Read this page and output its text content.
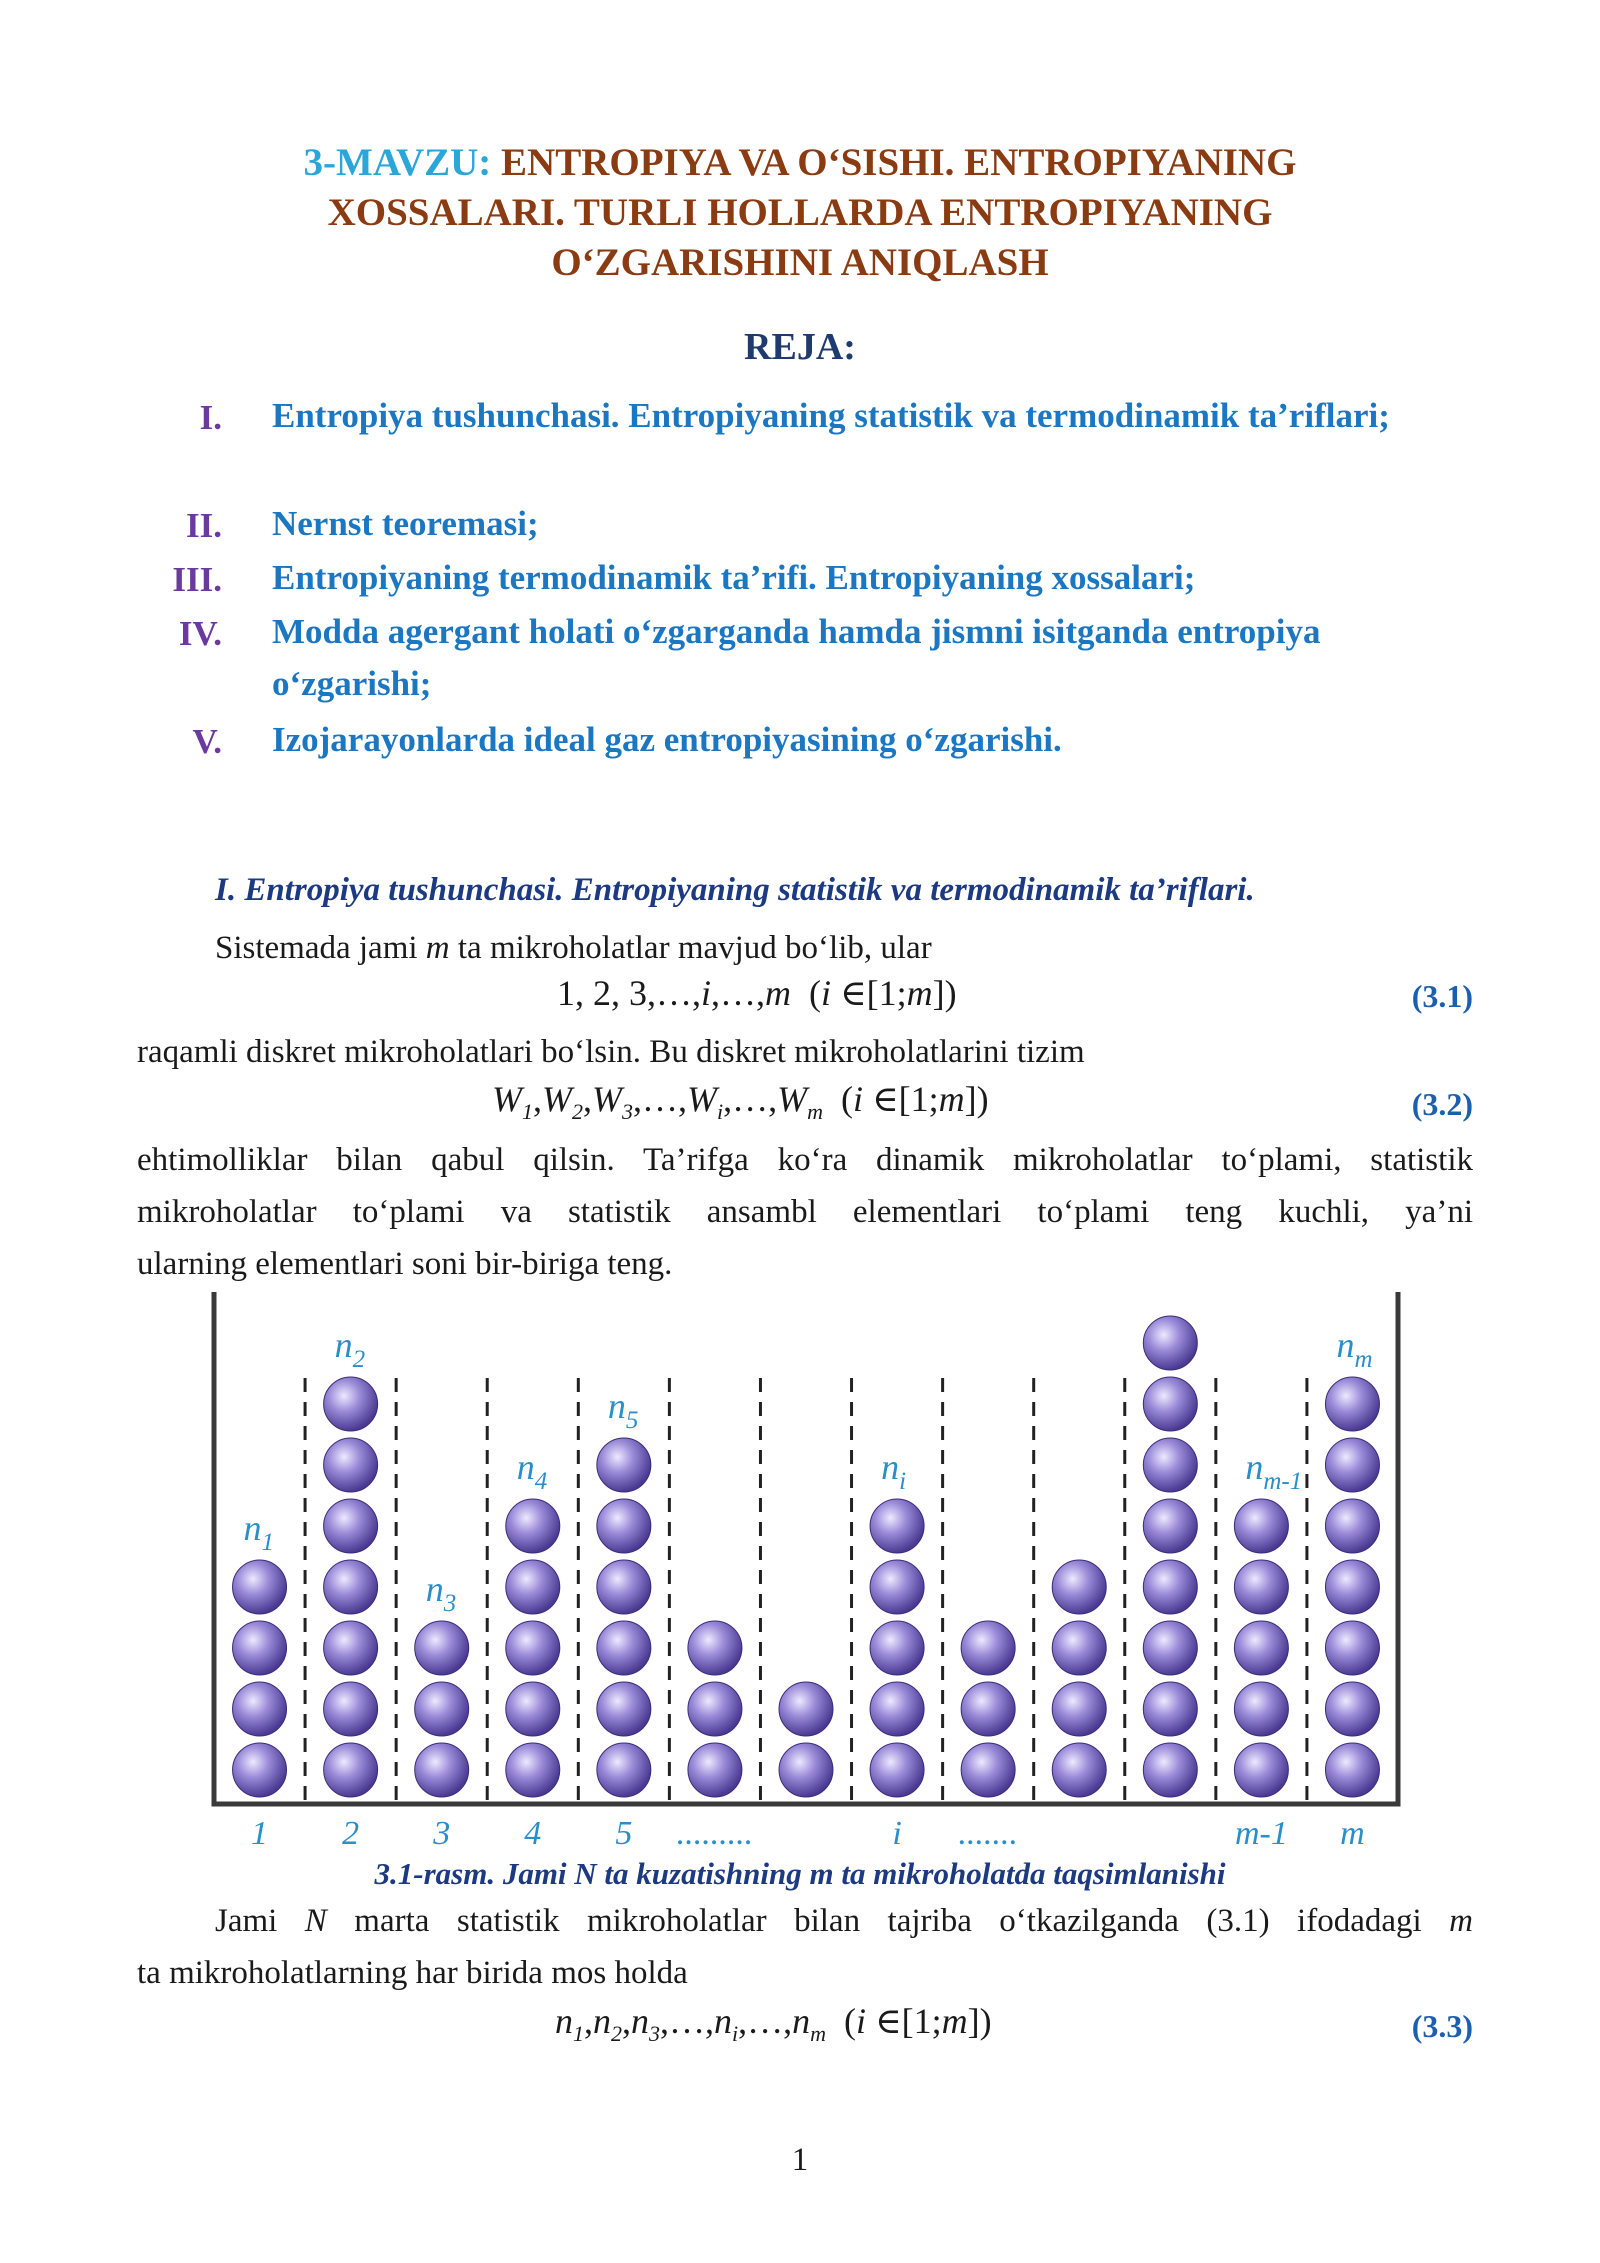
3-MAVZU: ENTROPIYA VA O‘SISHI. ENTROPIYANING
XOSSALARI. TURLI HOLLARDA ENTROPIYANING
O‘ZGARISHINI ANIQLASH
REJA:
I. Entropiya tushunchasi. Entropiyaning statistik va termodinamik ta’riflari;
II. Nernst teoremasi;
III. Entropiyaning termodinamik ta’rifi. Entropiyaning xossalari;
IV. Modda agergant holati o‘zgarganda hamda jismni isitganda entropiya o‘zgarishi;
V. Izojarayonlarda ideal gaz entropiyasining o‘zgarishi.
I. Entropiya tushunchasi. Entropiyaning statistik va termodinamik ta’riflari.
Sistemada jami m ta mikroholatlar mavjud bo‘lib, ular
1, 2, 3,…,i,…,m  (i ∈[1;m])	(3.1)
raqamli diskret mikroholatlari bo‘lsin. Bu diskret mikroholatlarini tizim
$W_1,W_2,W_3,\dots,W_i,\dots,W_m$ (i ∈[1;m])	(3.2)
ehtimolliklar bilan qabul qilsin. Ta’rifga ko‘ra dinamik mikroholatlar to‘plami, statistik
mikroholatlar to‘plami va statistik ansambl elementlari to‘plami teng kuchli, ya’ni
ularning elementlari soni bir-biriga teng.
$n_1$
$n_2$
$n_3$
$n_4$
$n_5$
$n_i$	$n_{m-1}$
$n_m$
1 2 3 4 5 .........	i .......	m-1 m
3.1-rasm. Jami N ta kuzatishning m ta mikroholatda taqsimlanishi
Jami N marta statistik mikroholatlar bilan tajriba o‘tkazilganda (3.1) ifodadagi m
ta mikroholatlarning har birida mos holda
$n_1,n_2,n_3,\dots,n_i,\dots,n_m$ (i ∈[1;m])	(3.3)
1
